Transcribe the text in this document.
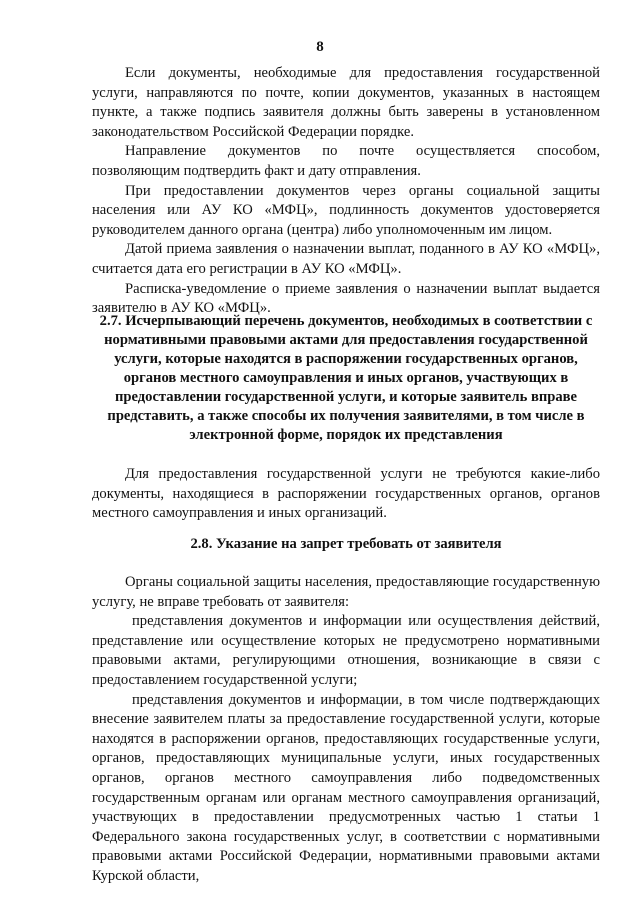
8

Если документы, необходимые для предоставления государственной услуги, направляются по почте, копии документов, указанных в настоящем пункте, а также подпись заявителя должны быть заверены в установленном законодательством Российской Федерации порядке.

Направление документов по почте осуществляется способом, позволяющим подтвердить факт и дату отправления.

При предоставлении документов через органы социальной защиты населения или АУ КО «МФЦ», подлинность документов удостоверяется руководителем данного органа (центра) либо уполномоченным им лицом.

Датой приема заявления о назначении выплат, поданного в АУ КО «МФЦ», считается дата его регистрации в АУ КО «МФЦ».

Расписка-уведомление о приеме заявления о назначении выплат выдается заявителю в АУ КО «МФЦ».

2.7. Исчерпывающий перечень документов, необходимых в соответствии с нормативными правовыми актами для предоставления государственной услуги, которые находятся в распоряжении государственных органов, органов местного самоуправления и иных органов, участвующих в предоставлении государственной услуги, и которые заявитель вправе представить, а также способы их получения заявителями, в том числе в электронной форме, порядок их представления

Для предоставления государственной услуги не требуются какие-либо документы, находящиеся в распоряжении государственных органов, органов местного самоуправления и иных организаций.

2.8. Указание на запрет требовать от заявителя

Органы социальной защиты населения, предоставляющие государственную услугу, не вправе требовать от заявителя:

представления документов и информации или осуществления действий, представление или осуществление которых не предусмотрено нормативными правовыми актами, регулирующими отношения, возникающие в связи с предоставлением государственной услуги;

представления документов и информации, в том числе подтверждающих внесение заявителем платы за предоставление государственной услуги, которые находятся в распоряжении органов, предоставляющих государственные услуги, органов, предоставляющих муниципальные услуги, иных государственных органов, органов местного самоуправления либо подведомственных государственным органам или органам местного самоуправления организаций, участвующих в предоставлении предусмотренных частью 1 статьи 1 Федерального закона государственных услуг, в соответствии с нормативными правовыми актами Российской Федерации, нормативными правовыми актами Курской области,
